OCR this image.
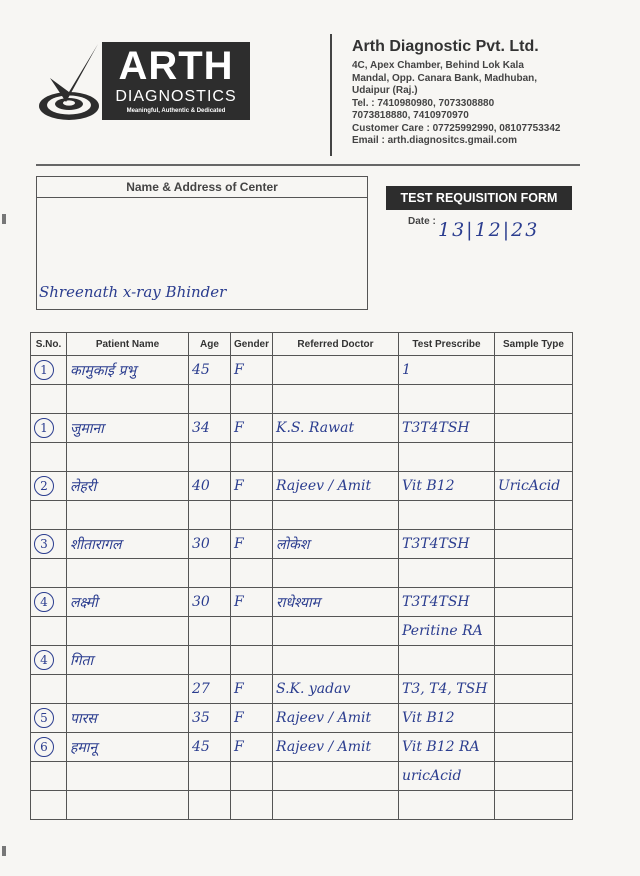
ARTH
DIAGNOSTICS
Meaningful, Authentic & Dedicated
Arth Diagnostic Pvt. Ltd.
4C, Apex Chamber, Behind Lok Kala
Mandal, Opp. Canara Bank, Madhuban,
Udaipur (Raj.)
Tel. : 7410980980, 7073308880
7073818880, 7410970970
Customer Care : 07725992990, 08107753342
Email : arth.diagnositcs.gmail.com
Name & Address of Center
Shreenath x-ray Bhinder
TEST REQUISITION FORM
Date : 13|12|23
S.No.	Patient Name	Age	Gender	Referred Doctor	Test Prescribe	Sample Type
1	कामुकाई प्रभु	45	F		1	

1	जुमाना	34	F	K.S. Rawat	T3T4TSH	

2	लेहरी	40	F	Rajeev / Amit	Vit B12	UricAcid

3	शीतारागल	30	F	लोकेश	T3T4TSH	

4	लक्ष्मी	30	F	राधेश्याम	T3T4TSH	
					Peritine RA	
4	गिता					
		27	F	S.K. yadav	T3, T4, TSH	
5	पारस	35	F	Rajeev / Amit	Vit B12	
6	हमानू	45	F	Rajeev / Amit	Vit B12 RA	
					uricAcid	
